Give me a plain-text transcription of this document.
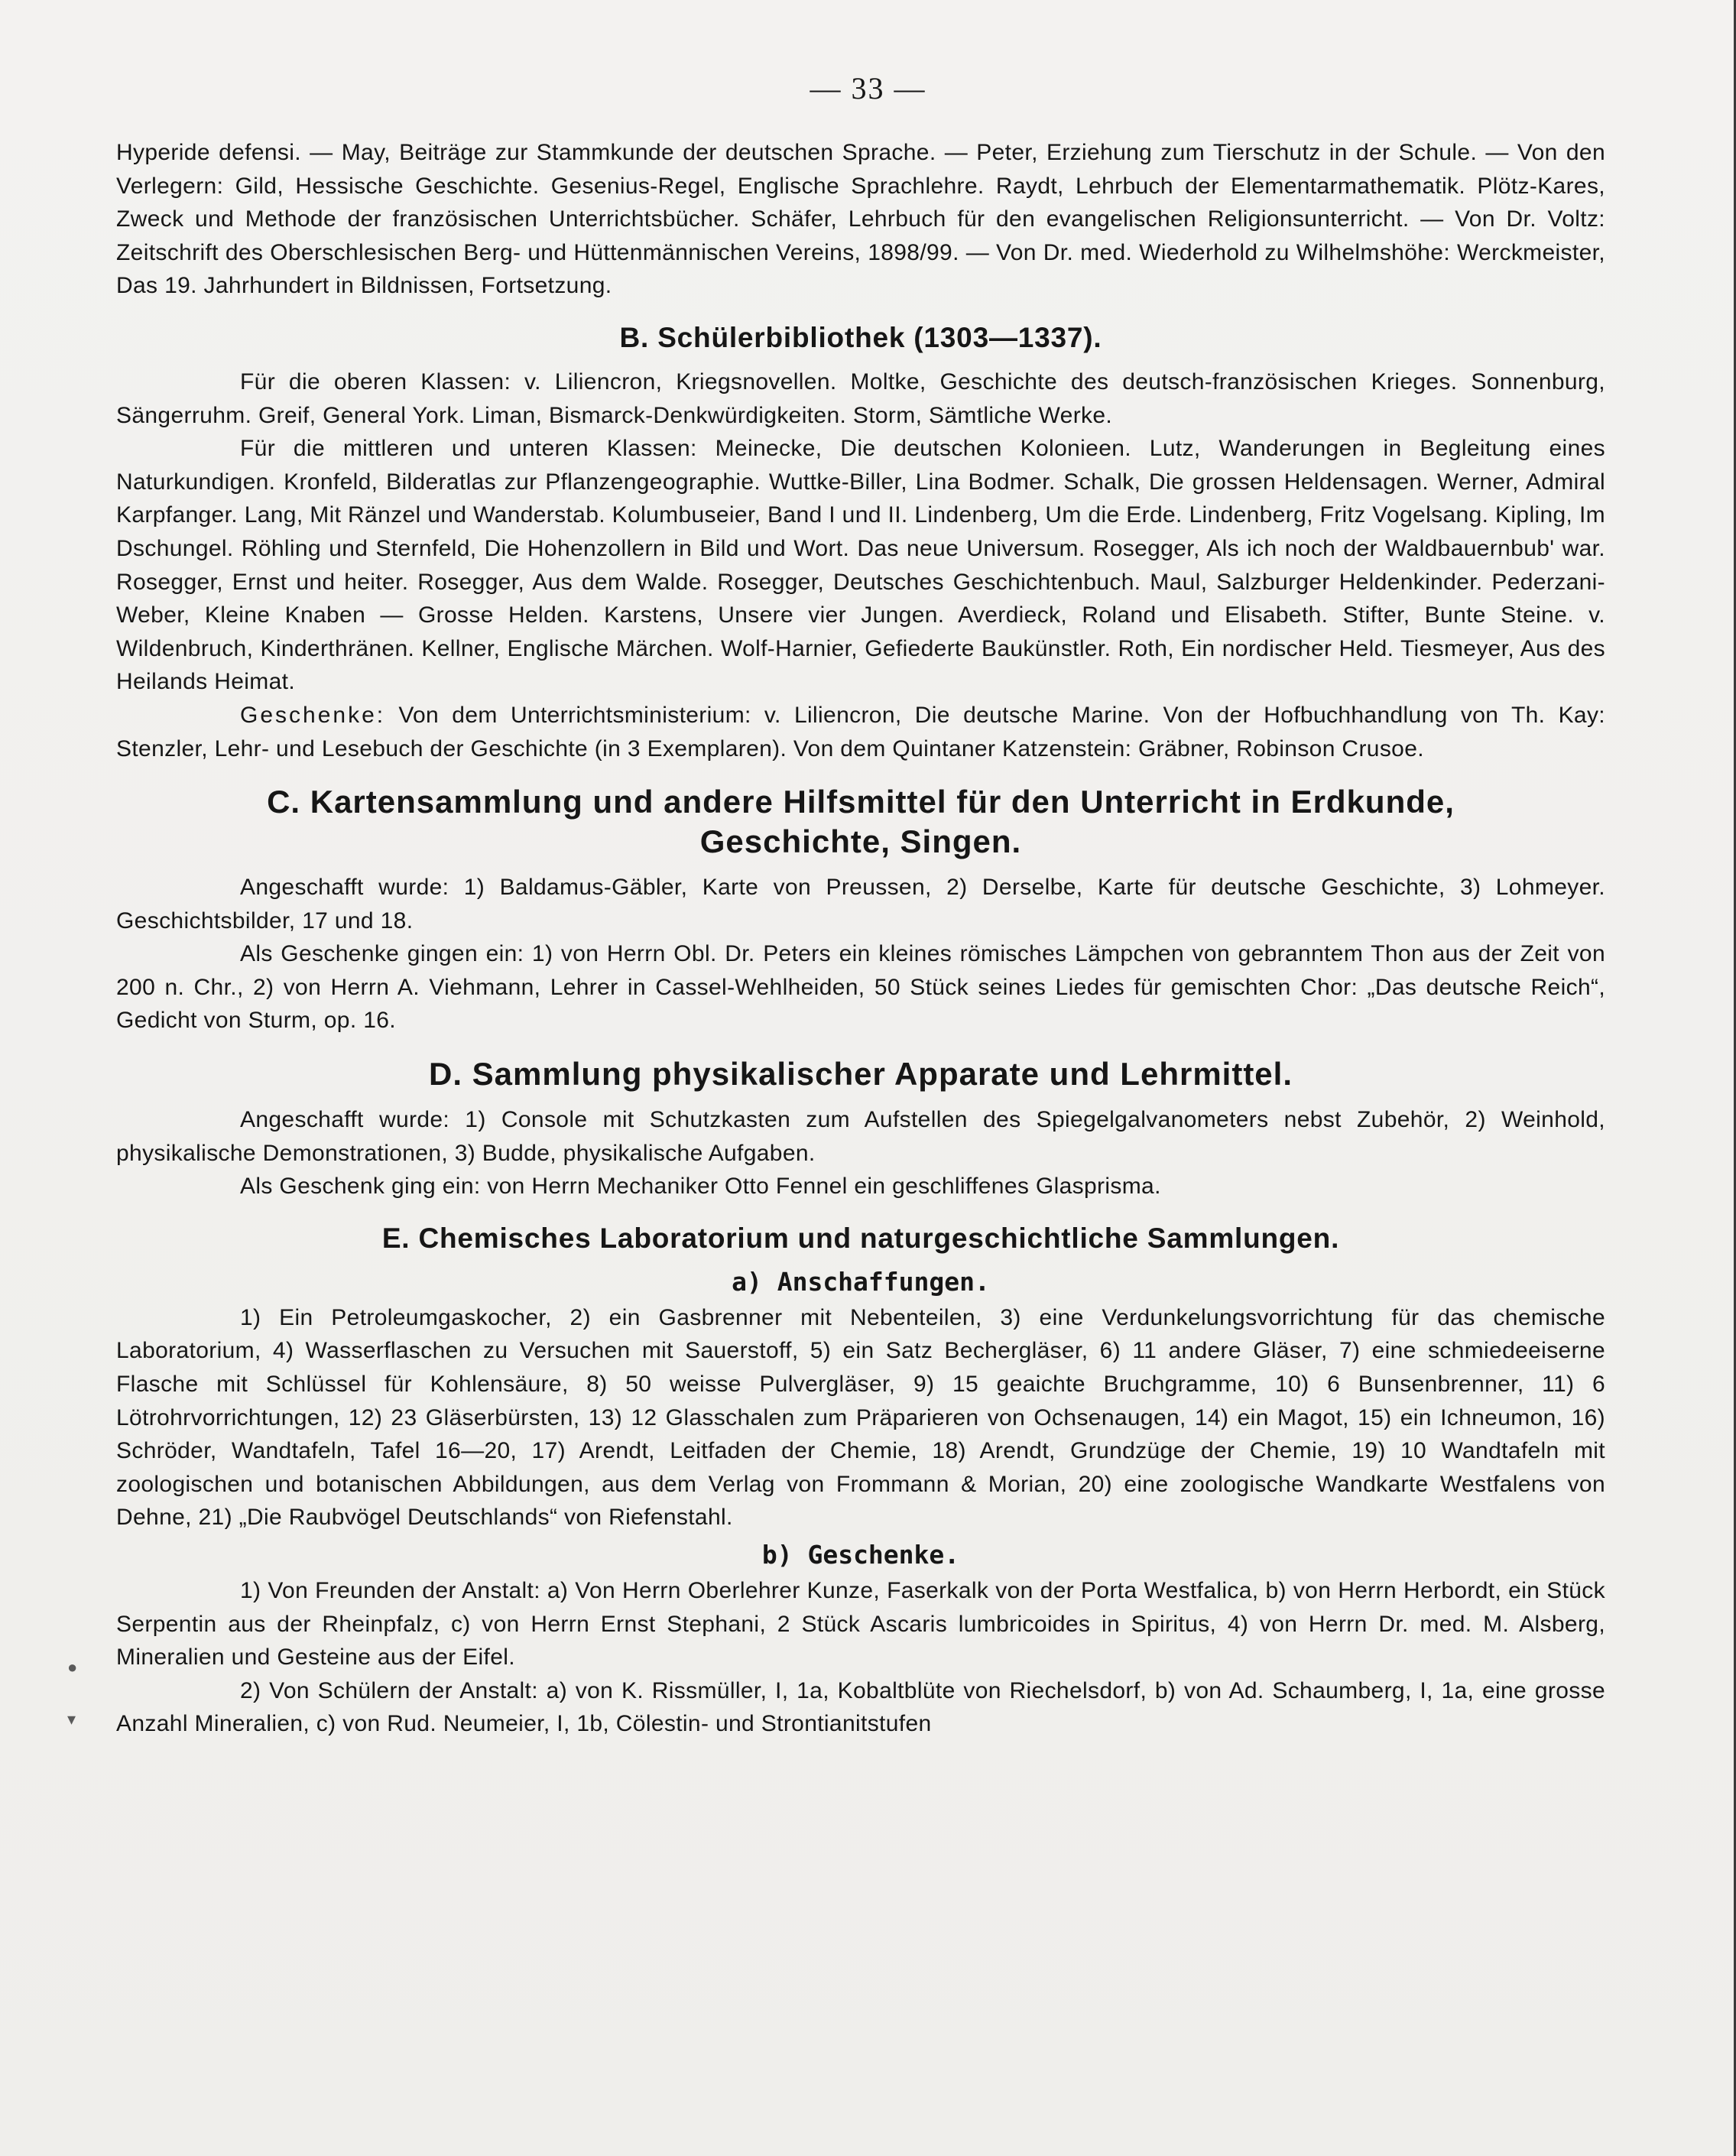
— 33 —
●
▾

Hyperide defensi. — May, Beiträge zur Stammkunde der deutschen Sprache. — Peter, Erziehung zum Tierschutz in der Schule. — Von den Verlegern: Gild, Hessische Geschichte. Gesenius-Regel, Englische Sprachlehre. Raydt, Lehrbuch der Elementarmathematik. Plötz-Kares, Zweck und Methode der französischen Unterrichtsbücher. Schäfer, Lehrbuch für den evangelischen Religionsunterricht. — Von Dr. Voltz: Zeitschrift des Oberschlesischen Berg- und Hüttenmännischen Vereins, 1898/99. — Von Dr. med. Wiederhold zu Wilhelmshöhe: Werckmeister, Das 19. Jahrhundert in Bildnissen, Fortsetzung.

B. Schülerbibliothek (1303—1337).

Für die oberen Klassen: v. Liliencron, Kriegsnovellen. Moltke, Geschichte des deutsch-französischen Krieges. Sonnenburg, Sängerruhm. Greif, General York. Liman, Bismarck-Denkwürdigkeiten. Storm, Sämtliche Werke.

Für die mittleren und unteren Klassen: Meinecke, Die deutschen Kolonieen. Lutz, Wanderungen in Begleitung eines Naturkundigen. Kronfeld, Bilderatlas zur Pflanzengeographie. Wuttke-Biller, Lina Bodmer. Schalk, Die grossen Heldensagen. Werner, Admiral Karpfanger. Lang, Mit Ränzel und Wanderstab. Kolumbuseier, Band I und II. Lindenberg, Um die Erde. Lindenberg, Fritz Vogelsang. Kipling, Im Dschungel. Röhling und Sternfeld, Die Hohenzollern in Bild und Wort. Das neue Universum. Rosegger, Als ich noch der Waldbauernbub' war. Rosegger, Ernst und heiter. Rosegger, Aus dem Walde. Rosegger, Deutsches Geschichtenbuch. Maul, Salzburger Heldenkinder. Pederzani-Weber, Kleine Knaben — Grosse Helden. Karstens, Unsere vier Jungen. Averdieck, Roland und Elisabeth. Stifter, Bunte Steine. v. Wildenbruch, Kinderthränen. Kellner, Englische Märchen. Wolf-Harnier, Gefiederte Baukünstler. Roth, Ein nordischer Held. Tiesmeyer, Aus des Heilands Heimat.

Geschenke: Von dem Unterrichtsministerium: v. Liliencron, Die deutsche Marine. Von der Hofbuchhandlung von Th. Kay: Stenzler, Lehr- und Lesebuch der Geschichte (in 3 Exemplaren). Von dem Quintaner Katzenstein: Gräbner, Robinson Crusoe.

C. Kartensammlung und andere Hilfsmittel für den Unterricht in Erdkunde,
Geschichte, Singen.

Angeschafft wurde: 1) Baldamus-Gäbler, Karte von Preussen, 2) Derselbe, Karte für deutsche Geschichte, 3) Lohmeyer. Geschichtsbilder, 17 und 18.

Als Geschenke gingen ein: 1) von Herrn Obl. Dr. Peters ein kleines römisches Lämpchen von gebranntem Thon aus der Zeit von 200 n. Chr., 2) von Herrn A. Viehmann, Lehrer in Cassel-Wehlheiden, 50 Stück seines Liedes für gemischten Chor: „Das deutsche Reich“, Gedicht von Sturm, op. 16.

D. Sammlung physikalischer Apparate und Lehrmittel.

Angeschafft wurde: 1) Console mit Schutzkasten zum Aufstellen des Spiegelgalvanometers nebst Zubehör, 2) Weinhold, physikalische Demonstrationen, 3) Budde, physikalische Aufgaben.

Als Geschenk ging ein: von Herrn Mechaniker Otto Fennel ein geschliffenes Glasprisma.

E. Chemisches Laboratorium und naturgeschichtliche Sammlungen.
a) Anschaffungen.

1) Ein Petroleumgaskocher, 2) ein Gasbrenner mit Nebenteilen, 3) eine Verdunkelungsvorrichtung für das chemische Laboratorium, 4) Wasserflaschen zu Versuchen mit Sauerstoff, 5) ein Satz Bechergläser, 6) 11 andere Gläser, 7) eine schmiedeeiserne Flasche mit Schlüssel für Kohlensäure, 8) 50 weisse Pulvergläser, 9) 15 geaichte Bruchgramme, 10) 6 Bunsenbrenner, 11) 6 Lötrohrvorrichtungen, 12) 23 Gläserbürsten, 13) 12 Glasschalen zum Präparieren von Ochsenaugen, 14) ein Magot, 15) ein Ichneumon, 16) Schröder, Wandtafeln, Tafel 16—20, 17) Arendt, Leitfaden der Chemie, 18) Arendt, Grundzüge der Chemie, 19) 10 Wandtafeln mit zoologischen und botanischen Abbildungen, aus dem Verlag von Frommann & Morian, 20) eine zoologische Wandkarte Westfalens von Dehne, 21) „Die Raubvögel Deutschlands“ von Riefenstahl.

b) Geschenke.

1) Von Freunden der Anstalt: a) Von Herrn Oberlehrer Kunze, Faserkalk von der Porta Westfalica, b) von Herrn Herbordt, ein Stück Serpentin aus der Rheinpfalz, c) von Herrn Ernst Stephani, 2 Stück Ascaris lumbricoides in Spiritus, 4) von Herrn Dr. med. M. Alsberg, Mineralien und Gesteine aus der Eifel.

2) Von Schülern der Anstalt: a) von K. Rissmüller, I, 1a, Kobaltblüte von Riechelsdorf, b) von Ad. Schaumberg, I, 1a, eine grosse Anzahl Mineralien, c) von Rud. Neumeier, I, 1b, Cölestin- und Strontianitstufen
